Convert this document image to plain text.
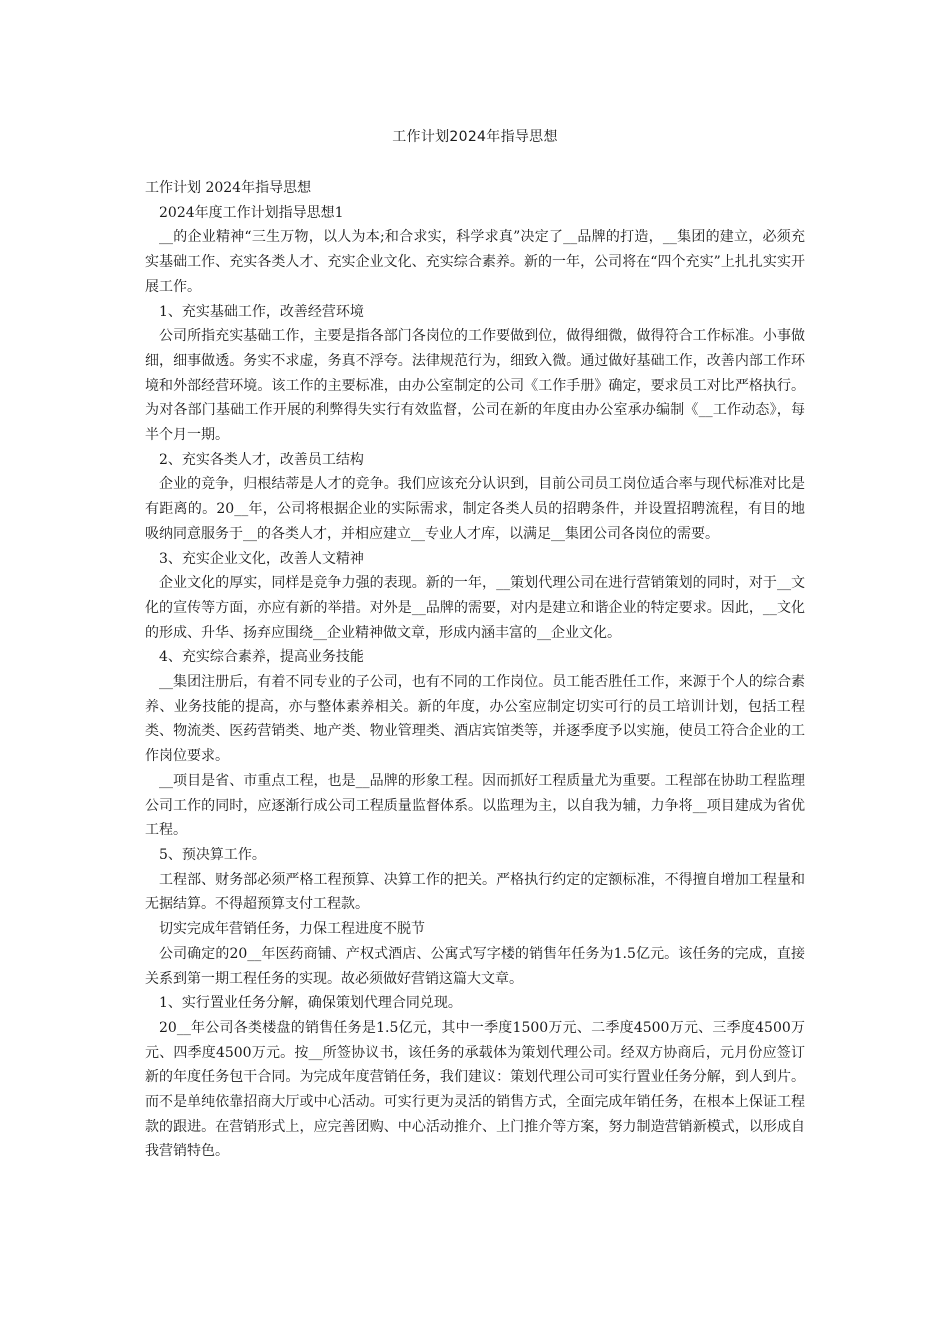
工作计划2024年指导思想

工作计划 2024年指导思想

2024年度工作计划指导思想1

__的企业精神“三生万物，以人为本;和合求实，科学求真”决定了__品牌的打造，__集团的建立，必须充实基础工作、充实各类人才、充实企业文化、充实综合素养。新的一年，公司将在“四个充实”上扎扎实实开展工作。

1、充实基础工作，改善经营环境

公司所指充实基础工作，主要是指各部门各岗位的工作要做到位，做得细微，做得符合工作标准。小事做细，细事做透。务实不求虚，务真不浮夸。法律规范行为，细致入微。通过做好基础工作，改善内部工作环境和外部经营环境。该工作的主要标准，由办公室制定的公司《工作手册》确定，要求员工对比严格执行。为对各部门基础工作开展的利弊得失实行有效监督，公司在新的年度由办公室承办编制《__工作动态》，每半个月一期。

2、充实各类人才，改善员工结构

企业的竞争，归根结蒂是人才的竞争。我们应该充分认识到，目前公司员工岗位适合率与现代标准对比是有距离的。20__年，公司将根据企业的实际需求，制定各类人员的招聘条件，并设置招聘流程，有目的地吸纳同意服务于__的各类人才，并相应建立__专业人才库，以满足__集团公司各岗位的需要。

3、充实企业文化，改善人文精神

企业文化的厚实，同样是竞争力强的表现。新的一年，__策划代理公司在进行营销策划的同时，对于__文化的宣传等方面，亦应有新的举措。对外是__品牌的需要，对内是建立和谐企业的特定要求。因此，__文化的形成、升华、扬弃应围绕__企业精神做文章，形成内涵丰富的__企业文化。

4、充实综合素养，提高业务技能

__集团注册后，有着不同专业的子公司，也有不同的工作岗位。员工能否胜任工作，来源于个人的综合素养、业务技能的提高，亦与整体素养相关。新的年度，办公室应制定切实可行的员工培训计划，包括工程类、物流类、医药营销类、地产类、物业管理类、酒店宾馆类等，并逐季度予以实施，使员工符合企业的工作岗位要求。

__项目是省、市重点工程，也是__品牌的形象工程。因而抓好工程质量尤为重要。工程部在协助工程监理公司工作的同时，应逐渐行成公司工程质量监督体系。以监理为主，以自我为辅，力争将__项目建成为省优工程。

5、预决算工作。

工程部、财务部必须严格工程预算、决算工作的把关。严格执行约定的定额标准，不得擅自增加工程量和无据结算。不得超预算支付工程款。

切实完成年营销任务，力保工程进度不脱节

公司确定的20__年医药商铺、产权式酒店、公寓式写字楼的销售年任务为1.5亿元。该任务的完成，直接关系到第一期工程任务的实现。故必须做好营销这篇大文章。

1、实行置业任务分解，确保策划代理合同兑现。

20__年公司各类楼盘的销售任务是1.5亿元，其中一季度1500万元、二季度4500万元、三季度4500万元、四季度4500万元。按__所签协议书，该任务的承载体为策划代理公司。经双方协商后，元月份应签订新的年度任务包干合同。为完成年度营销任务，我们建议：策划代理公司可实行置业任务分解，到人到片。而不是单纯依靠招商大厅或中心活动。可实行更为灵活的销售方式，全面完成年销任务，在根本上保证工程款的跟进。在营销形式上，应完善团购、中心活动推介、上门推介等方案，努力制造营销新模式，以形成自我营销特色。
